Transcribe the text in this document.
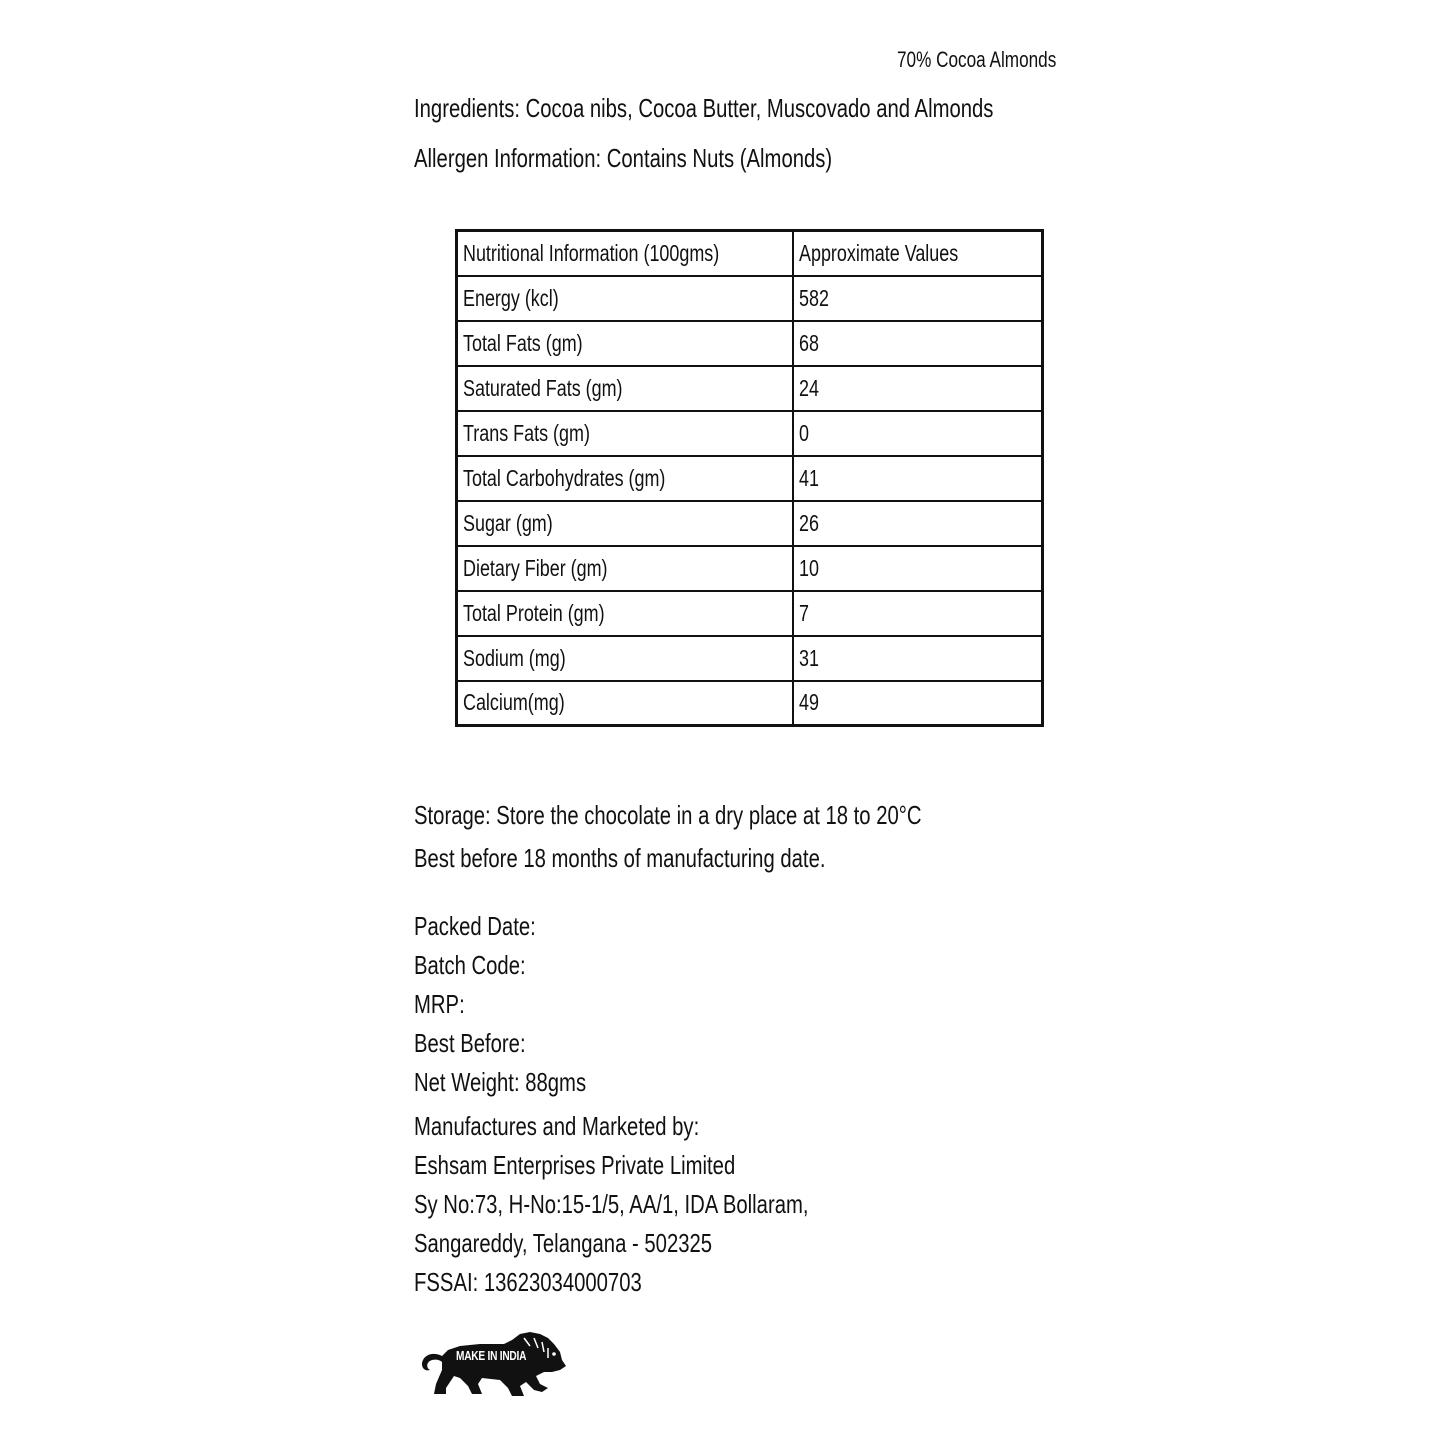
70% Cocoa Almonds
Ingredients: Cocoa nibs, Cocoa Butter, Muscovado and Almonds
Allergen Information: Contains Nuts (Almonds)
Nutritional Information (100gms)	Approximate Values
Energy (kcl)	582
Total Fats (gm)	68
Saturated Fats (gm)	24
Trans Fats (gm)	0
Total Carbohydrates (gm)	41
Sugar (gm)	26
Dietary Fiber (gm)	10
Total Protein (gm)	7
Sodium (mg)	31
Calcium(mg)	49
Storage: Store the chocolate in a dry place at 18 to 20°C
Best before 18 months of manufacturing date.
Packed Date:
Batch Code:
MRP:
Best Before:
Net Weight: 88gms
Manufactures and Marketed by:
Eshsam Enterprises Private Limited
Sy No:73, H-No:15-1/5, AA/1, IDA Bollaram,
Sangareddy, Telangana - 502325
FSSAI: 13623034000703
MAKE IN INDIA
